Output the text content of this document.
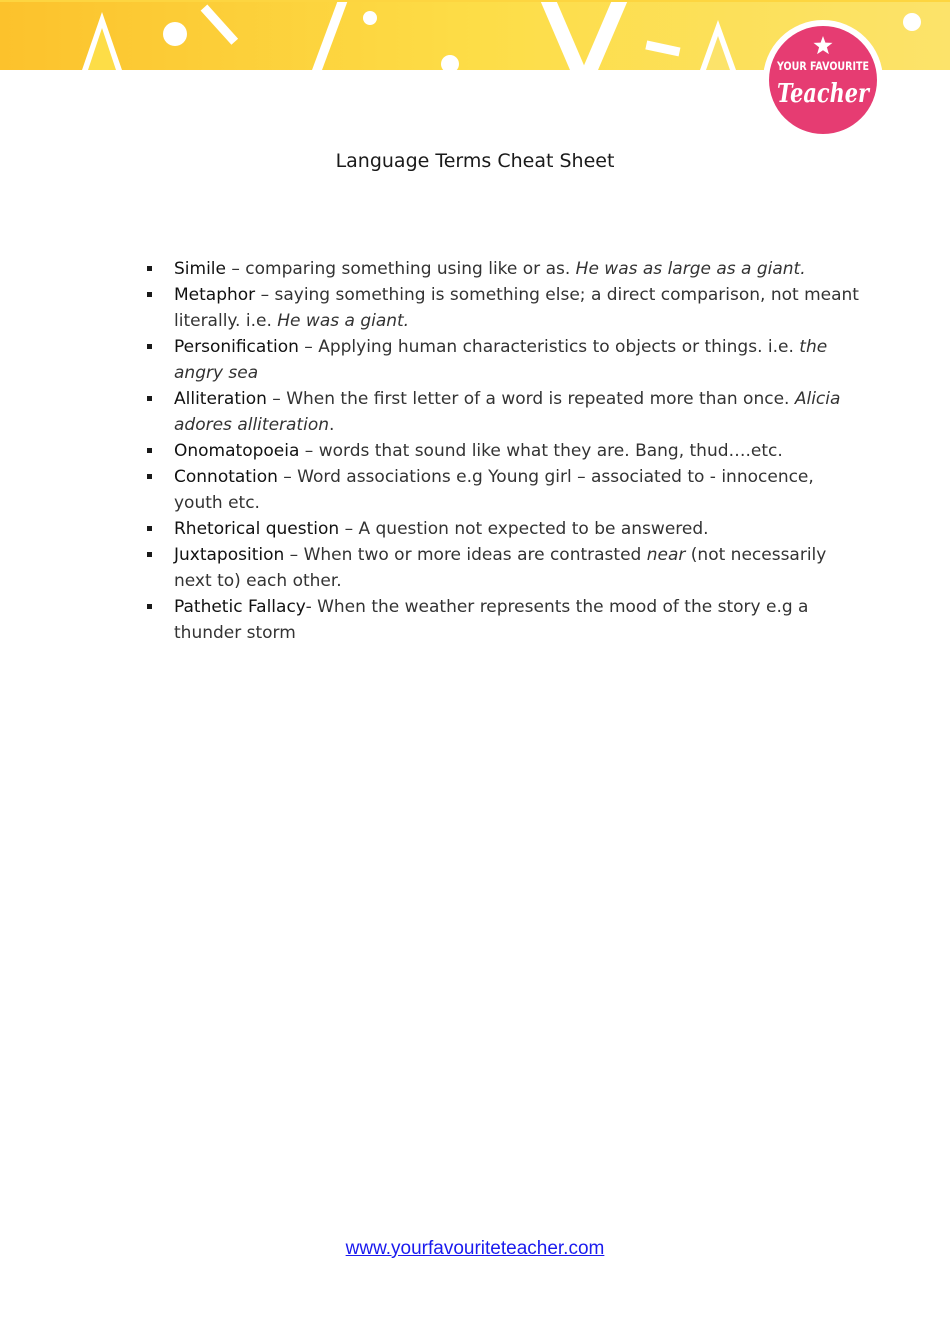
YOUR FAVOURITE
Teacher
Language Terms Cheat Sheet
Simile – comparing something using like or as. He was as large as a giant.
Metaphor – saying something is something else; a direct comparison, not meant literally. i.e. He was a giant.
Personification – Applying human characteristics to objects or things. i.e. the angry sea
Alliteration – When the first letter of a word is repeated more than once. Alicia adores alliteration.
Onomatopoeia – words that sound like what they are. Bang, thud….etc.
Connotation – Word associations e.g Young girl – associated to - innocence, youth etc.
Rhetorical question – A question not expected to be answered.
Juxtaposition – When two or more ideas are contrasted near (not necessarily next to) each other.
Pathetic Fallacy- When the weather represents the mood of the story e.g a thunder storm
www.yourfavouriteteacher.com
